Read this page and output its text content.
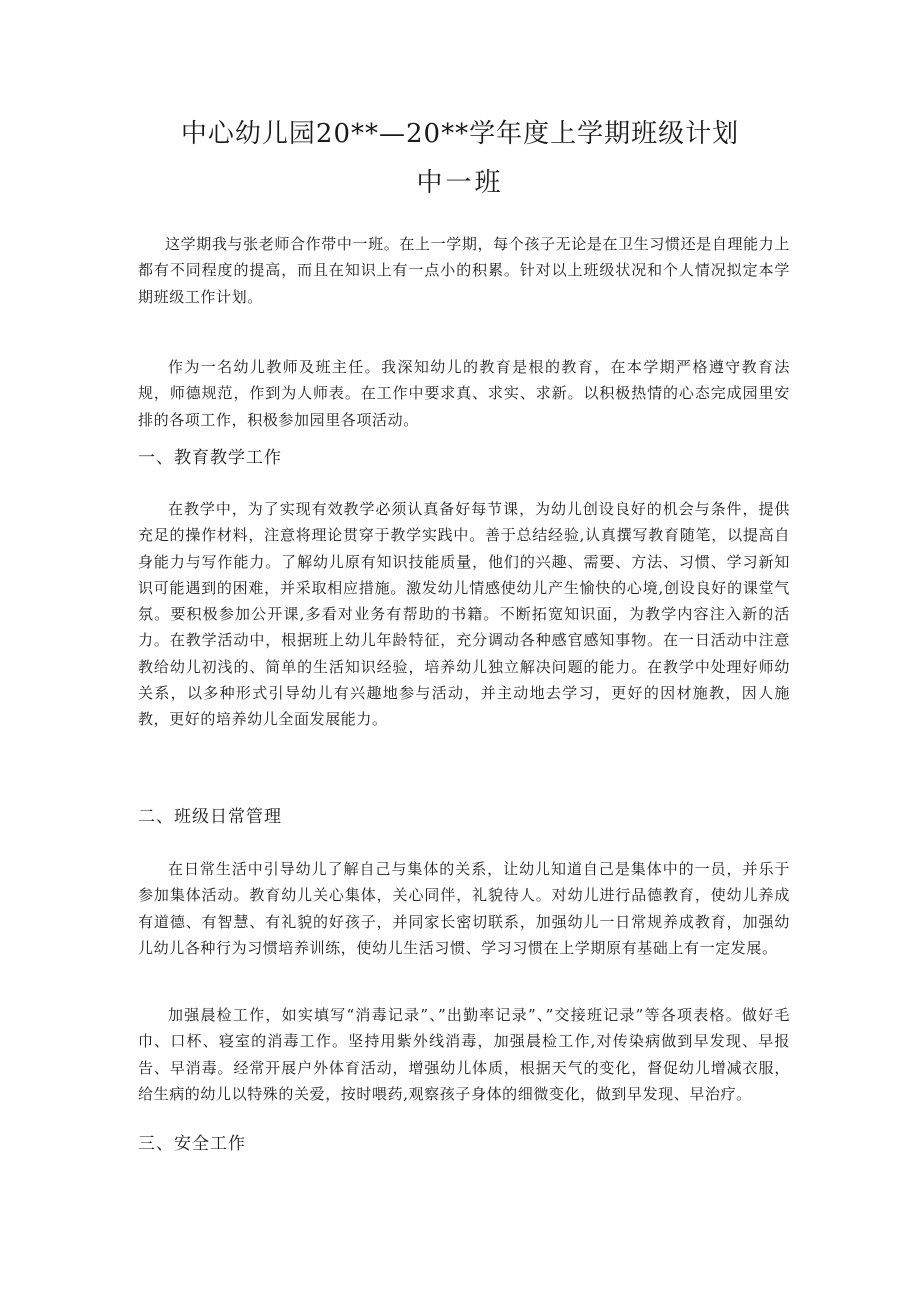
中心幼儿园20**—20**学年度上学期班级计划
中一班

这学期我与张老师合作带中一班。在上一学期，每个孩子无论是在卫生习惯还是自理能力上都有不同程度的提高，而且在知识上有一点小的积累。针对以上班级状况和个人情况拟定本学期班级工作计划。

作为一名幼儿教师及班主任。我深知幼儿的教育是根的教育，在本学期严格遵守教育法规，师德规范，作到为人师表。在工作中要求真、求实、求新。以积极热情的心态完成园里安排的各项工作，积极参加园里各项活动。

一、教育教学工作

在教学中，为了实现有效教学必须认真备好每节课，为幼儿创设良好的机会与条件，提供充足的操作材料，注意将理论贯穿于教学实践中。善于总结经验,认真撰写教育随笔，以提高自身能力与写作能力。了解幼儿原有知识技能质量，他们的兴趣、需要、方法、习惯、学习新知识可能遇到的困难，并采取相应措施。激发幼儿情感使幼儿产生愉快的心境,创设良好的课堂气氛。要积极参加公开课,多看对业务有帮助的书籍。不断拓宽知识面，为教学内容注入新的活力。在教学活动中，根据班上幼儿年龄特征，充分调动各种感官感知事物。在一日活动中注意教给幼儿初浅的、简单的生活知识经验，培养幼儿独立解决问题的能力。在教学中处理好师幼关系，以多种形式引导幼儿有兴趣地参与活动，并主动地去学习，更好的因材施教，因人施教，更好的培养幼儿全面发展能力。

二、班级日常管理

在日常生活中引导幼儿了解自己与集体的关系，让幼儿知道自己是集体中的一员，并乐于参加集体活动。教育幼儿关心集体，关心同伴，礼貌待人。对幼儿进行品德教育，使幼儿养成有道德、有智慧、有礼貌的好孩子，并同家长密切联系，加强幼儿一日常规养成教育，加强幼儿幼儿各种行为习惯培养训练，使幼儿生活习惯、学习习惯在上学期原有基础上有一定发展。

加强晨检工作，如实填写“消毒记录”、”出勤率记录”、”交接班记录”等各项表格。做好毛巾、口杯、寝室的消毒工作。坚持用紫外线消毒，加强晨检工作,对传染病做到早发现、早报告、早消毒。经常开展户外体育活动，增强幼儿体质，根据天气的变化，督促幼儿增减衣服，给生病的幼儿以特殊的关爱，按时喂药,观察孩子身体的细微变化，做到早发现、早治疗。

三、安全工作
